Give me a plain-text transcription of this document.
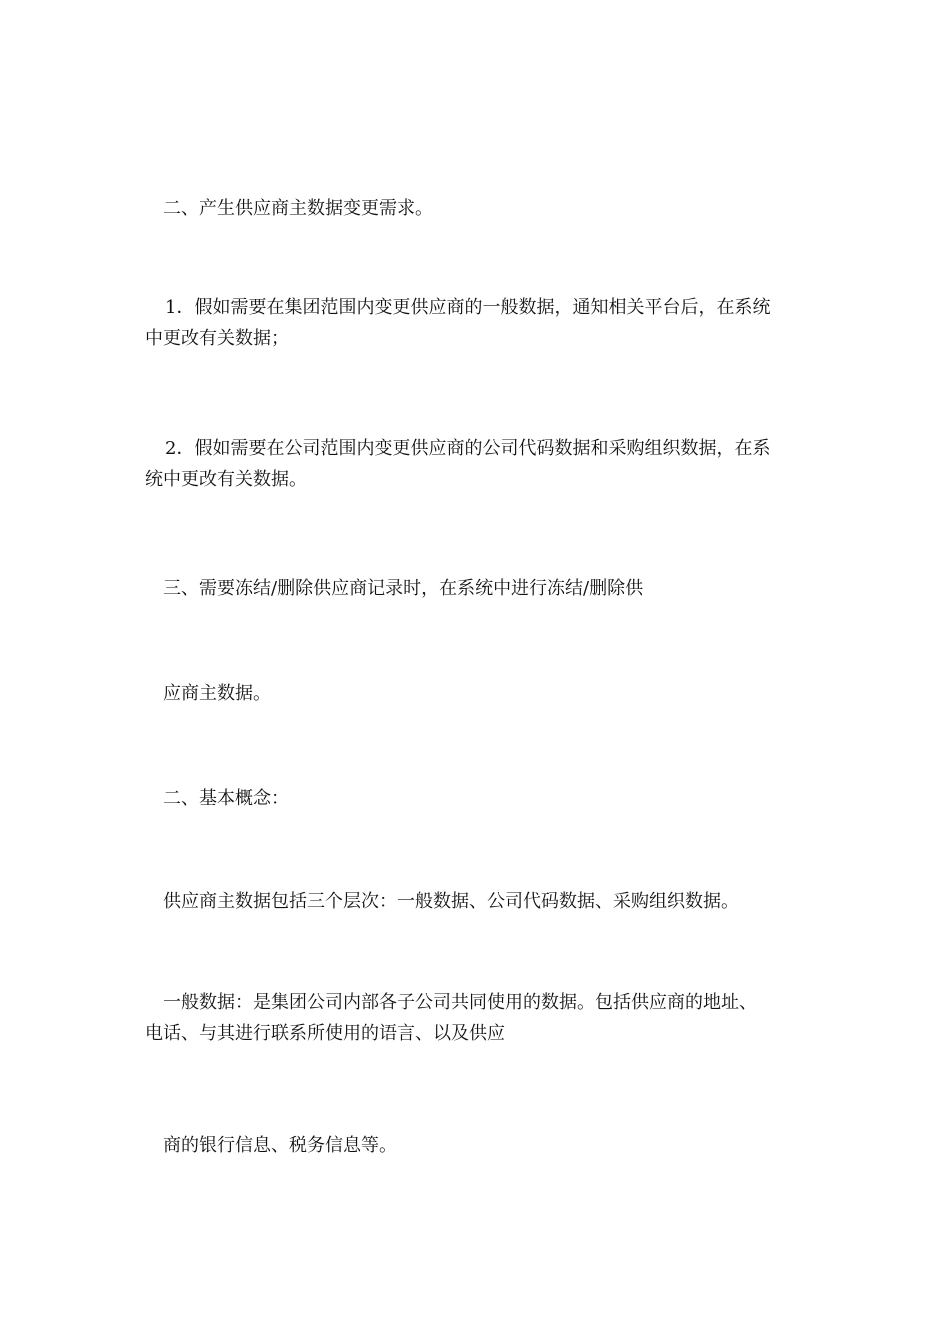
二、产生供应商主数据变更需求。

1．假如需要在集团范围内变更供应商的一般数据，通知相关平台后，在系统
中更改有关数据；

2．假如需要在公司范围内变更供应商的公司代码数据和采购组织数据，在系
统中更改有关数据。

三、需要冻结/删除供应商记录时，在系统中进行冻结/删除供

应商主数据。

二、基本概念：

供应商主数据包括三个层次：一般数据、公司代码数据、采购组织数据。

一般数据：是集团公司内部各子公司共同使用的数据。包括供应商的地址、
电话、与其进行联系所使用的语言、以及供应

商的银行信息、税务信息等。
